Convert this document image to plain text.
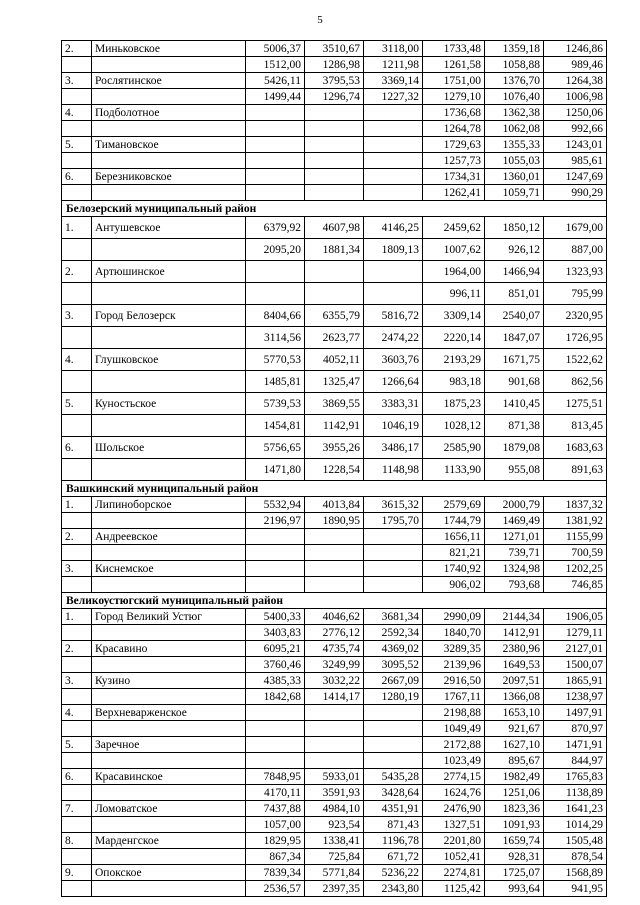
5
2.	Миньковское	5006,37	3510,67	3118,00	1733,48	1359,18	1246,86
		1512,00	1286,98	1211,98	1261,58	1058,88	989,46
3.	Рослятинское	5426,11	3795,53	3369,14	1751,00	1376,70	1264,38
		1499,44	1296,74	1227,32	1279,10	1076,40	1006,98
4.	Подболотное				1736,68	1362,38	1250,06
					1264,78	1062,08	992,66
5.	Тимановское				1729,63	1355,33	1243,01
					1257,73	1055,03	985,61
6.	Березниковское				1734,31	1360,01	1247,69
					1262,41	1059,71	990,29
Белозерский муниципальный район							
1.	Антушевское	6379,92	4607,98	4146,25	2459,62	1850,12	1679,00
		2095,20	1881,34	1809,13	1007,62	926,12	887,00
2.	Артюшинское				1964,00	1466,94	1323,93
					996,11	851,01	795,99
3.	Город Белозерск	8404,66	6355,79	5816,72	3309,14	2540,07	2320,95
		3114,56	2623,77	2474,22	2220,14	1847,07	1726,95
4.	Глушковское	5770,53	4052,11	3603,76	2193,29	1671,75	1522,62
		1485,81	1325,47	1266,64	983,18	901,68	862,56
5.	Куностьское	5739,53	3869,55	3383,31	1875,23	1410,45	1275,51
		1454,81	1142,91	1046,19	1028,12	871,38	813,45
6.	Шольское	5756,65	3955,26	3486,17	2585,90	1879,08	1683,63
		1471,80	1228,54	1148,98	1133,90	955,08	891,63
Вашкинский муниципальный район							
1.	Липиноборское	5532,94	4013,84	3615,32	2579,69	2000,79	1837,32
		2196,97	1890,95	1795,70	1744,79	1469,49	1381,92
2.	Андреевское				1656,11	1271,01	1155,99
					821,21	739,71	700,59
3.	Киснемское				1740,92	1324,98	1202,25
					906,02	793,68	746,85
Великоустюгский муниципальный район							
1.	Город Великий Устюг	5400,33	4046,62	3681,34	2990,09	2144,34	1906,05
		3403,83	2776,12	2592,34	1840,70	1412,91	1279,11
2.	Красавино	6095,21	4735,74	4369,02	3289,35	2380,96	2127,01
		3760,46	3249,99	3095,52	2139,96	1649,53	1500,07
3.	Кузино	4385,33	3032,22	2667,09	2916,50	2097,51	1865,91
		1842,68	1414,17	1280,19	1767,11	1366,08	1238,97
4.	Верхневарженское				2198,88	1653,10	1497,91
					1049,49	921,67	870,97
5.	Заречное				2172,88	1627,10	1471,91
					1023,49	895,67	844,97
6.	Красавинское	7848,95	5933,01	5435,28	2774,15	1982,49	1765,83
		4170,11	3591,93	3428,64	1624,76	1251,06	1138,89
7.	Ломоватское	7437,88	4984,10	4351,91	2476,90	1823,36	1641,23
		1057,00	923,54	871,43	1327,51	1091,93	1014,29
8.	Марденгское	1829,95	1338,41	1196,78	2201,80	1659,74	1505,48
		867,34	725,84	671,72	1052,41	928,31	878,54
9.	Опокское	7839,34	5771,84	5236,22	2274,81	1725,07	1568,89
		2536,57	2397,35	2343,80	1125,42	993,64	941,95
